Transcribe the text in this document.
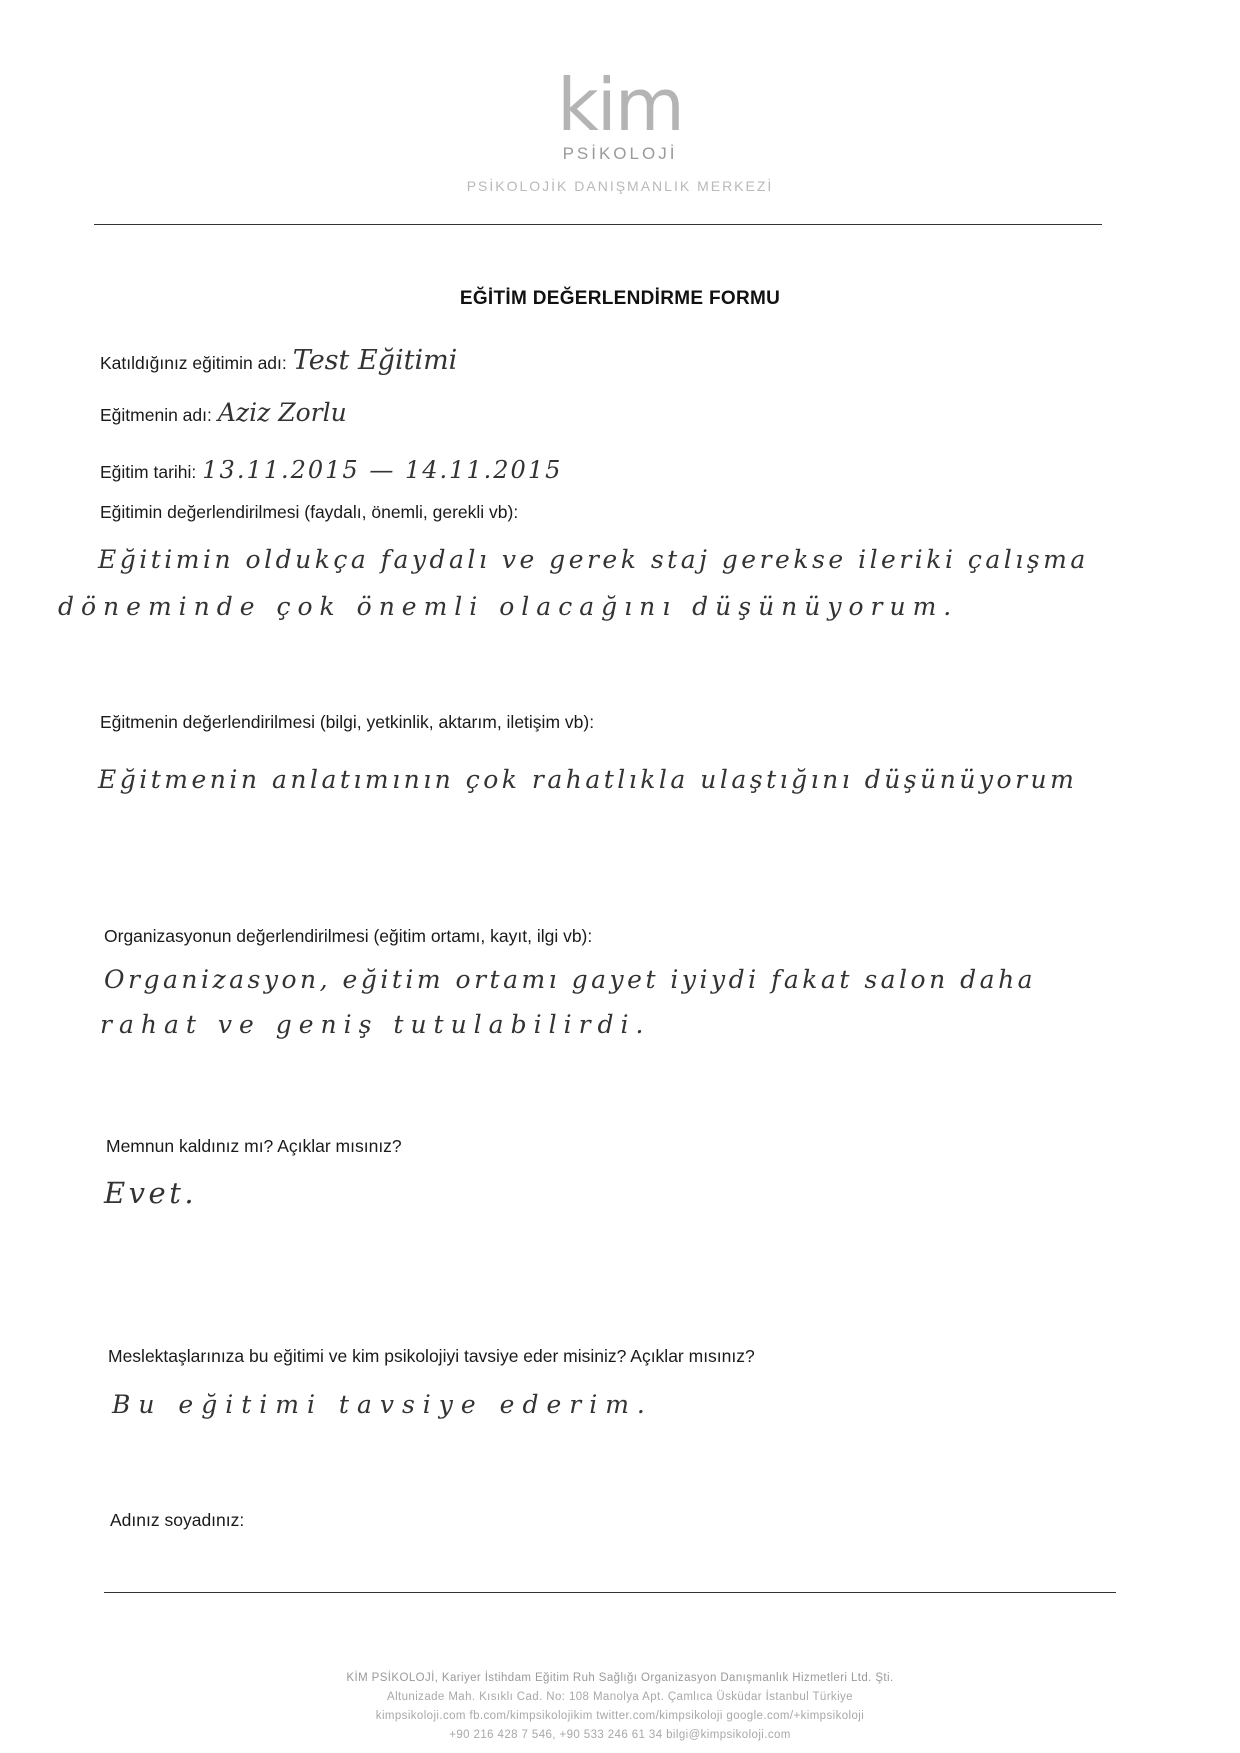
kim
PSİKOLOJİ
PSİKOLOJİK DANIŞMANLIK MERKEZİ
EĞİTİM DEĞERLENDİRME FORMU
Katıldığınız eğitimin adı: Test Eğitimi
Eğitmenin adı: Aziz Zorlu
Eğitim tarihi: 13.11.2015 — 14.11.2015
Eğitimin değerlendirilmesi (faydalı, önemli, gerekli vb):
Eğitimin oldukça faydalı ve gerek staj gerekse ileriki çalışma
döneminde çok önemli olacağını düşünüyorum.
Eğitmenin değerlendirilmesi (bilgi, yetkinlik, aktarım, iletişim vb):
Eğitmenin anlatımının çok rahatlıkla ulaştığını düşünüyorum
Organizasyonun değerlendirilmesi (eğitim ortamı, kayıt, ilgi vb):
Organizasyon, eğitim ortamı gayet iyiydi fakat salon daha
rahat ve geniş tutulabilirdi.
Memnun kaldınız mı? Açıklar mısınız?
Evet.
Meslektaşlarınıza bu eğitimi ve kim psikolojiyi tavsiye eder misiniz? Açıklar mısınız?
Bu eğitimi tavsiye ederim.
Adınız soyadınız:
KİM PSİKOLOJİ, Kariyer İstihdam Eğitim Ruh Sağlığı Organizasyon Danışmanlık Hizmetleri Ltd. Şti.
Altunizade Mah. Kısıklı Cad. No: 108 Manolya Apt. Çamlıca Üsküdar İstanbul Türkiye
kimpsikoloji.com fb.com/kimpsikolojikim twitter.com/kimpsikoloji google.com/+kimpsikoloji
+90 216 428 7 546, +90 533 246 61 34 bilgi@kimpsikoloji.com
